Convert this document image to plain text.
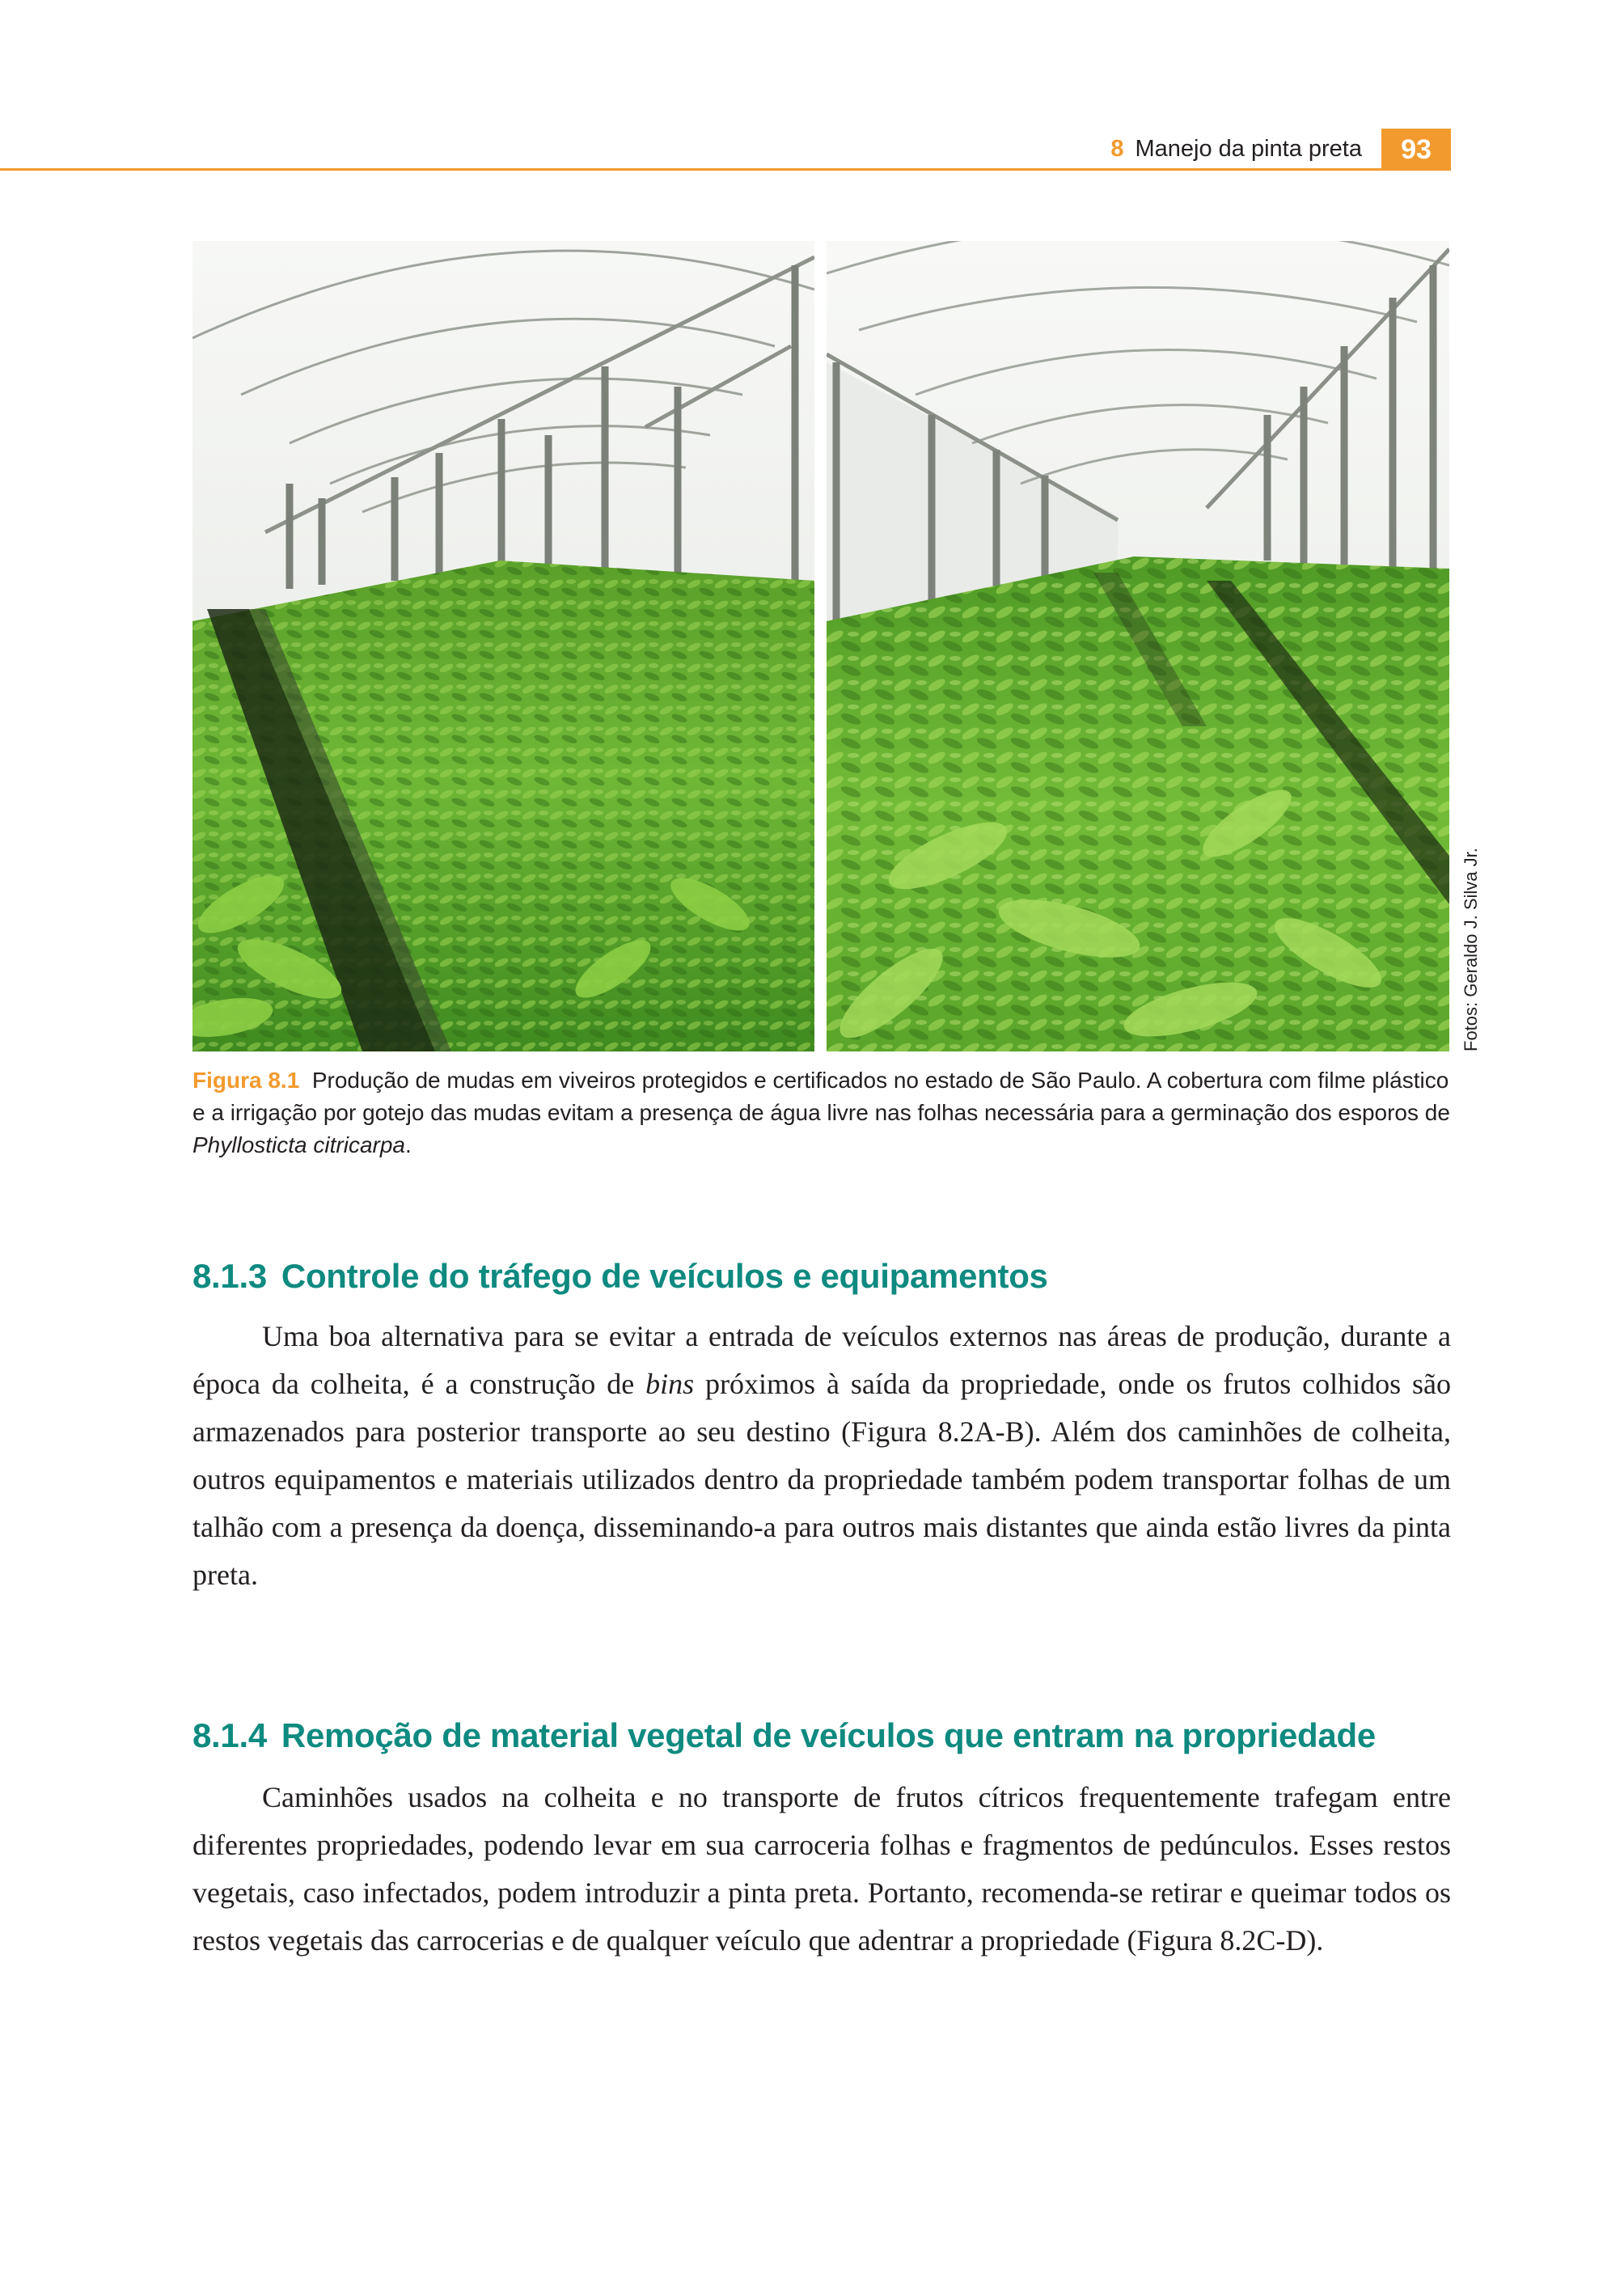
8 Manejo da pinta preta	93
Fotos: Geraldo J. Silva Jr.

Figura 8.1 Produção de mudas em viveiros protegidos e certificados no estado de São Paulo. A cobertura com filme plástico e a irrigação por gotejo das mudas evitam a presença de água livre nas folhas necessária para a germinação dos esporos de Phyllosticta citricarpa.

8.1.3 Controle do tráfego de veículos e equipamentos

Uma boa alternativa para se evitar a entrada de veículos externos nas áreas de produção, durante a época da colheita, é a construção de bins próximos à saída da propriedade, onde os frutos colhidos são armazenados para posterior transporte ao seu destino (Figura 8.2A-B). Além dos caminhões de colheita, outros equipamentos e materiais utilizados dentro da propriedade também podem transportar folhas de um talhão com a presença da doença, disseminando-a para outros mais distantes que ainda estão livres da pinta preta.

8.1.4 Remoção de material vegetal de veículos que entram na propriedade

Caminhões usados na colheita e no transporte de frutos cítricos frequentemente trafegam entre diferentes propriedades, podendo levar em sua carroceria folhas e fragmentos de pedúnculos. Esses restos vegetais, caso infectados, podem introduzir a pinta preta. Portanto, recomenda-se retirar e queimar todos os restos vegetais das carrocerias e de qualquer veículo que adentrar a propriedade (Figura 8.2C-D).
